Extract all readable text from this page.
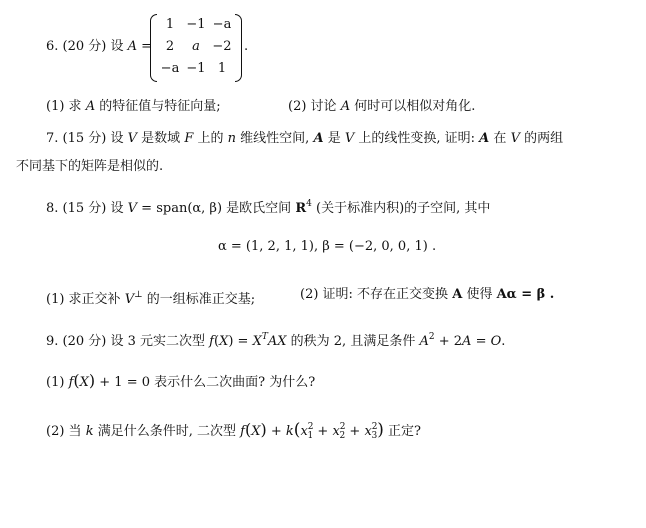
6. (20 分) 设 A =
1 −1 −a
2	a −2
−a −1 1
.
(1) 求 A 的特征值与特征向量;	(2) 讨论 A 何时可以相似对角化.
7. (15 分) 设 V 是数域 F 上的 n 维线性空间, A 是 V 上的线性变换, 证明: A 在 V 的两组
不同基下的矩阵是相似的.
8. (15 分) 设 V = span(α, β) 是欧氏空间 $R^4$ (关于标准内积)的子空间, 其中
α = (1, 2, 1, 1), β = (−2, 0, 0, 1) .
(1) 求正交补 V⊥ 的一组标准正交基;	(2) 证明: 不存在正交变换 A 使得 Aα = β .
9. (20 分) 设 3 元实二次型 $f(X) = X^TAX$ 的秩为 2, 且满足条件 $A^2 + 2A = O$.
(1) f(X) + 1 = 0 表示什么二次曲面? 为什么?
(2) 当 k 满足什么条件时, 二次型 $f(X) + k(x^2_1 + x^2_2 + x^2_3)$ 正定?
